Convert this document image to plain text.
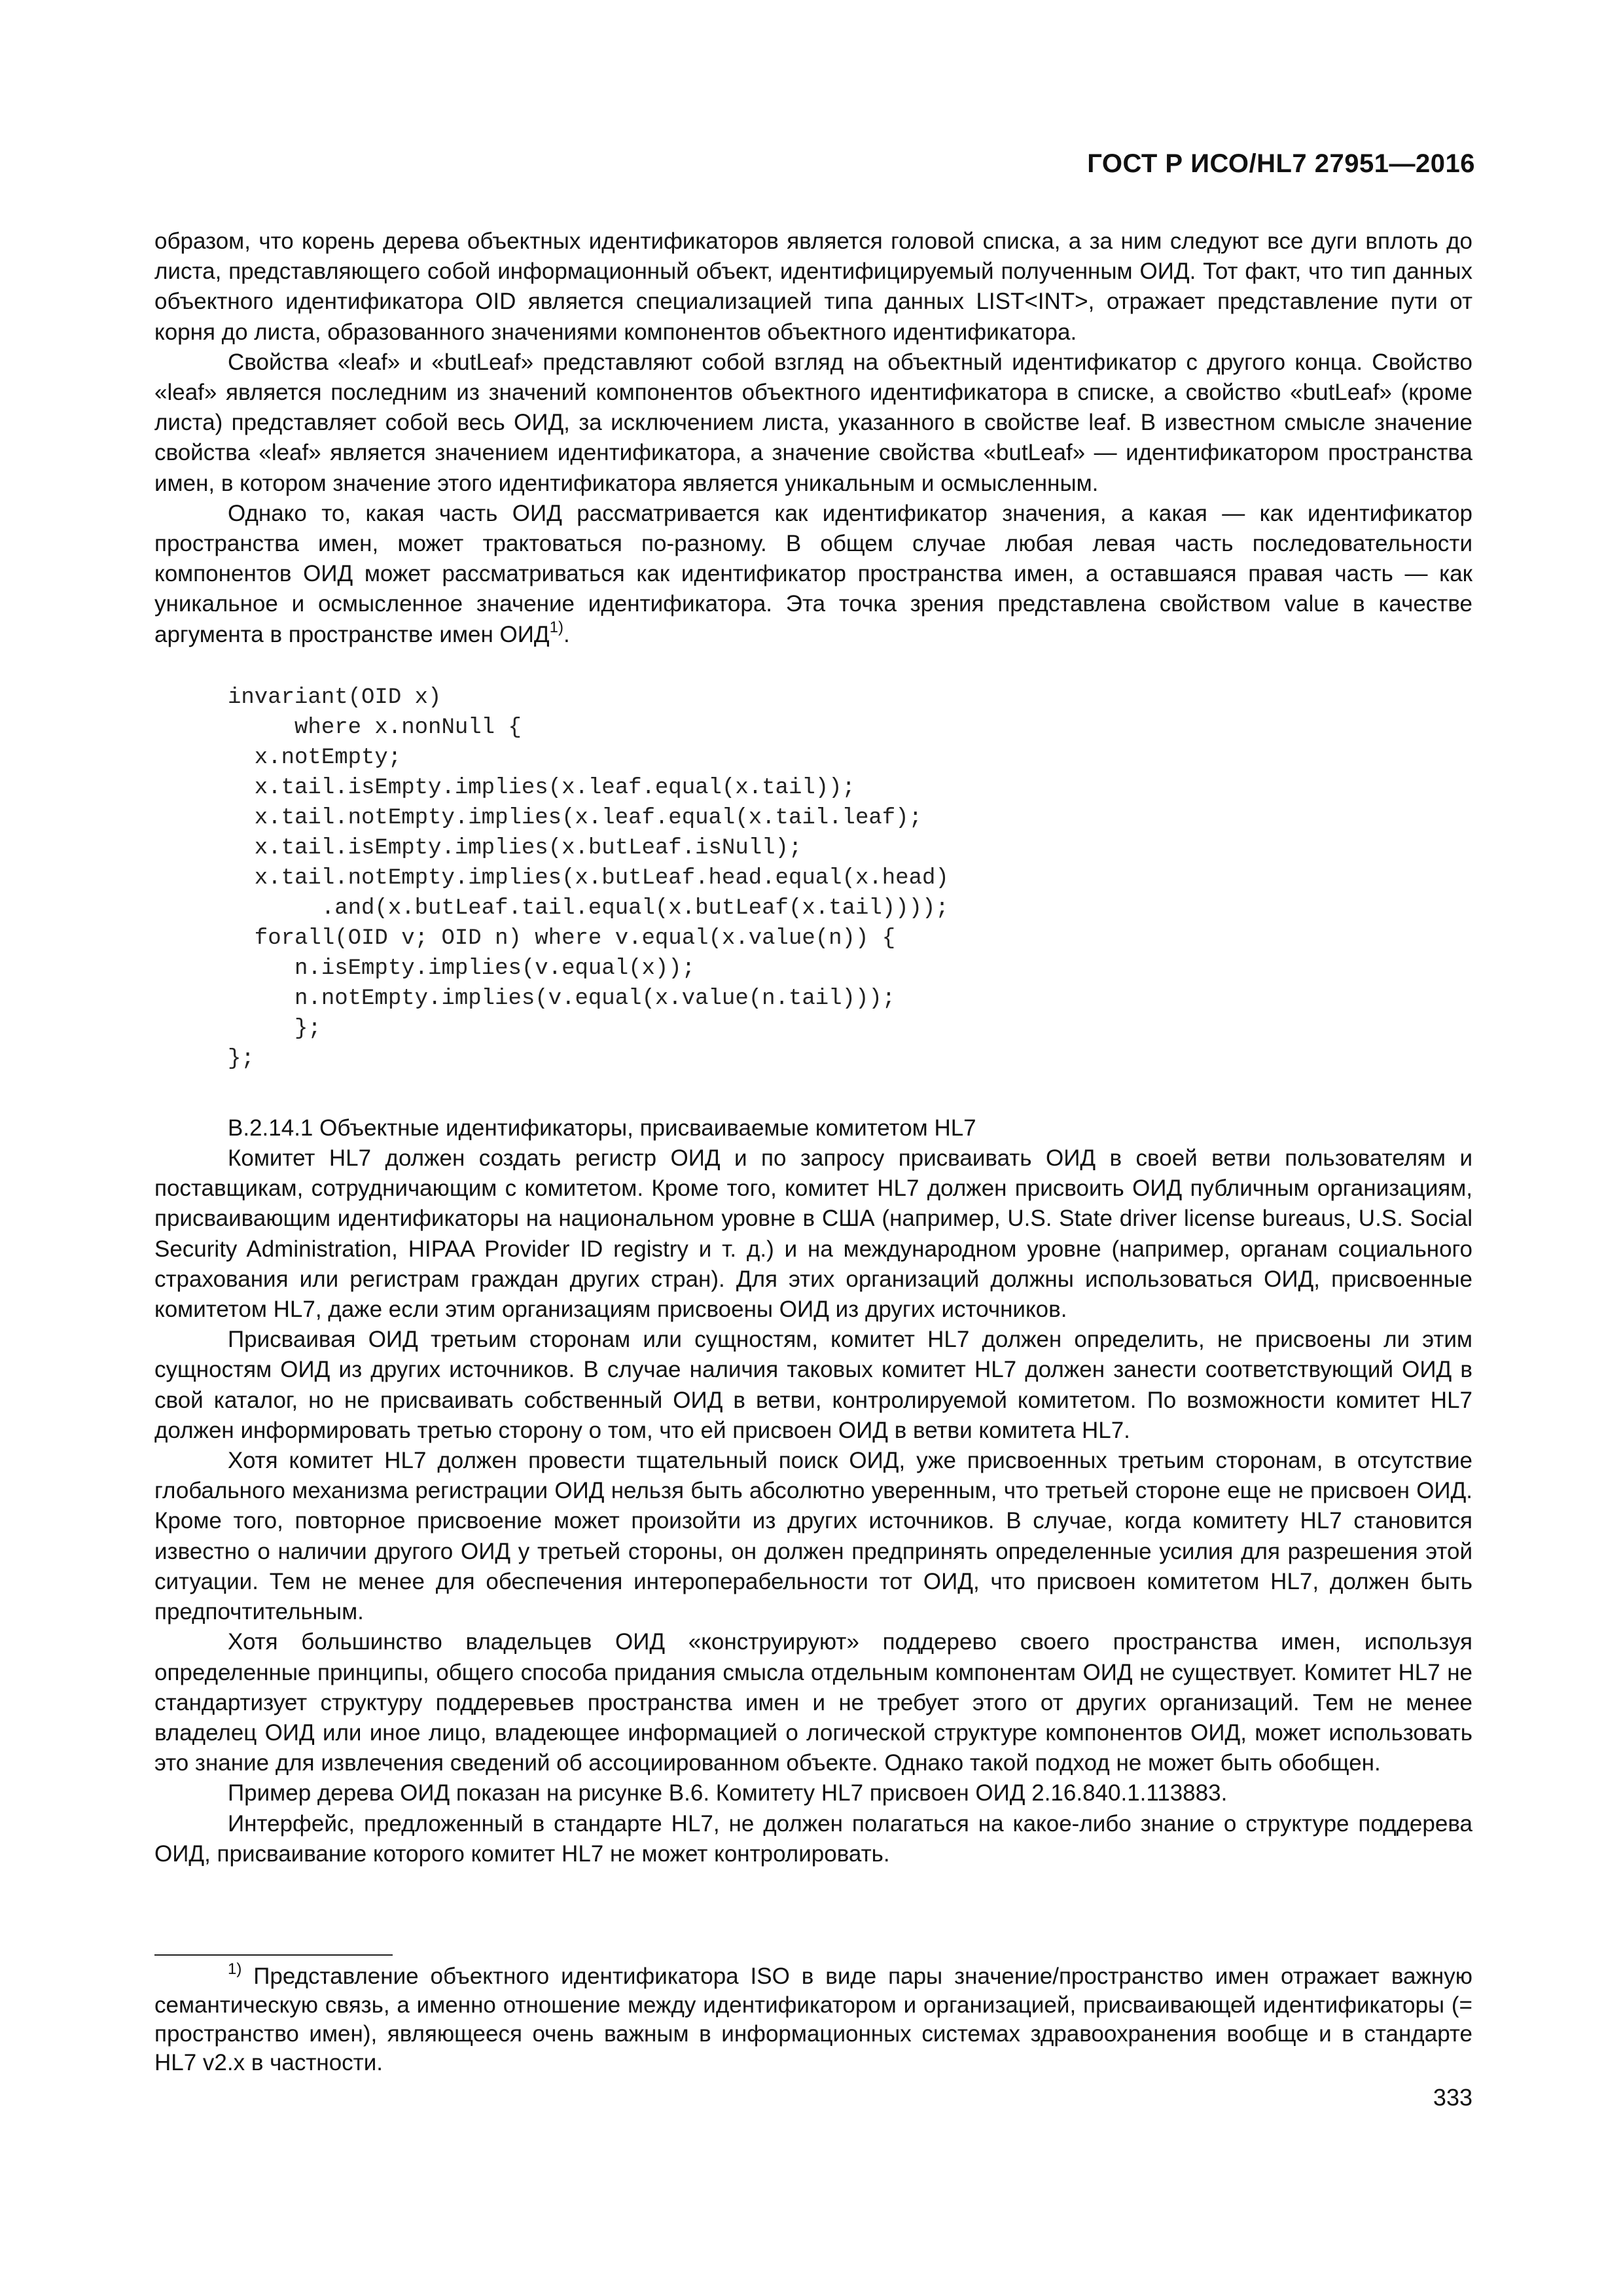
ГОСТ Р ИСО/HL7 27951—2016

образом, что корень дерева объектных идентификаторов является головой списка, а за ним следуют все дуги вплоть до листа, представляющего собой информационный объект, идентифицируемый полученным ОИД. Тот факт, что тип данных объектного идентификатора OID является специализацией типа данных LIST<INT>, отражает представление пути от корня до листа, образованного значениями компонентов объектного идентификатора.

Свойства «leaf» и «butLeaf» представляют собой взгляд на объектный идентификатор с другого конца. Свойство «leaf» является последним из значений компонентов объектного идентификатора в списке, а свойство «butLeaf» (кроме листа) представляет собой весь ОИД, за исключением листа, указанного в свойстве leaf. В известном смысле значение свойства «leaf» является значением идентификатора, а значение свойства «butLeaf» — идентификатором пространства имен, в котором значение этого идентификатора является уникальным и осмысленным.

Однако то, какая часть ОИД рассматривается как идентификатор значения, а какая — как идентификатор пространства имен, может трактоваться по-разному. В общем случае любая левая часть последовательности компонентов ОИД может рассматриваться как идентификатор пространства имен, а оставшаяся правая часть — как уникальное и осмысленное значение идентификатора. Эта точка зрения представлена свойством value в качестве аргумента в пространстве имен ОИД$^{1)}$.

invariant(OID x)
where x.nonNull {
x.notEmpty;
x.tail.isEmpty.implies(x.leaf.equal(x.tail));
x.tail.notEmpty.implies(x.leaf.equal(x.tail.leaf);
x.tail.isEmpty.implies(x.butLeaf.isNull);
x.tail.notEmpty.implies(x.butLeaf.head.equal(x.head)
.and(x.butLeaf.tail.equal(x.butLeaf(x.tail))));
forall(OID v; OID n) where v.equal(x.value(n)) {
n.isEmpty.implies(v.equal(x));
n.notEmpty.implies(v.equal(x.value(n.tail)));
};
};

B.2.14.1 Объектные идентификаторы, присваиваемые комитетом HL7

Комитет HL7 должен создать регистр ОИД и по запросу присваивать ОИД в своей ветви пользователям и поставщикам, сотрудничающим с комитетом. Кроме того, комитет HL7 должен присвоить ОИД публичным организациям, присваивающим идентификаторы на национальном уровне в США (например, U.S. State driver license bureaus, U.S. Social Security Administration, HIPAA Provider ID registry и т. д.) и на международном уровне (например, органам социального страхования или регистрам граждан других стран). Для этих организаций должны использоваться ОИД, присвоенные комитетом HL7, даже если этим организациям присвоены ОИД из других источников.

Присваивая ОИД третьим сторонам или сущностям, комитет HL7 должен определить, не присвоены ли этим сущностям ОИД из других источников. В случае наличия таковых комитет HL7 должен занести соответствующий ОИД в свой каталог, но не присваивать собственный ОИД в ветви, контролируемой комитетом. По возможности комитет HL7 должен информировать третью сторону о том, что ей присвоен ОИД в ветви комитета HL7.

Хотя комитет HL7 должен провести тщательный поиск ОИД, уже присвоенных третьим сторонам, в отсутствие глобального механизма регистрации ОИД нельзя быть абсолютно уверенным, что третьей стороне еще не присвоен ОИД. Кроме того, повторное присвоение может произойти из других источников. В случае, когда комитету HL7 становится известно о наличии другого ОИД у третьей стороны, он должен предпринять определенные усилия для разрешения этой ситуации. Тем не менее для обеспечения интероперабельности тот ОИД, что присвоен комитетом HL7, должен быть предпочтительным.

Хотя большинство владельцев ОИД «конструируют» поддерево своего пространства имен, используя определенные принципы, общего способа придания смысла отдельным компонентам ОИД не существует. Комитет HL7 не стандартизует структуру поддеревьев пространства имен и не требует этого от других организаций. Тем не менее владелец ОИД или иное лицо, владеющее информацией о логической структуре компонентов ОИД, может использовать это знание для извлечения сведений об ассоциированном объекте. Однако такой подход не может быть обобщен.

Пример дерева ОИД показан на рисунке В.6. Комитету HL7 присвоен ОИД 2.16.840.1.113883.

Интерфейс, предложенный в стандарте HL7, не должен полагаться на какое-либо знание о структуре поддерева ОИД, присваивание которого комитет HL7 не может контролировать.

$^{1)}$ Представление объектного идентификатора ISO в виде пары значение/пространство имен отражает важную семантическую связь, а именно отношение между идентификатором и организацией, присваивающей идентификаторы (= пространство имен), являющееся очень важным в информационных системах здравоохранения вообще и в стандарте HL7 v2.x в частности.
333
